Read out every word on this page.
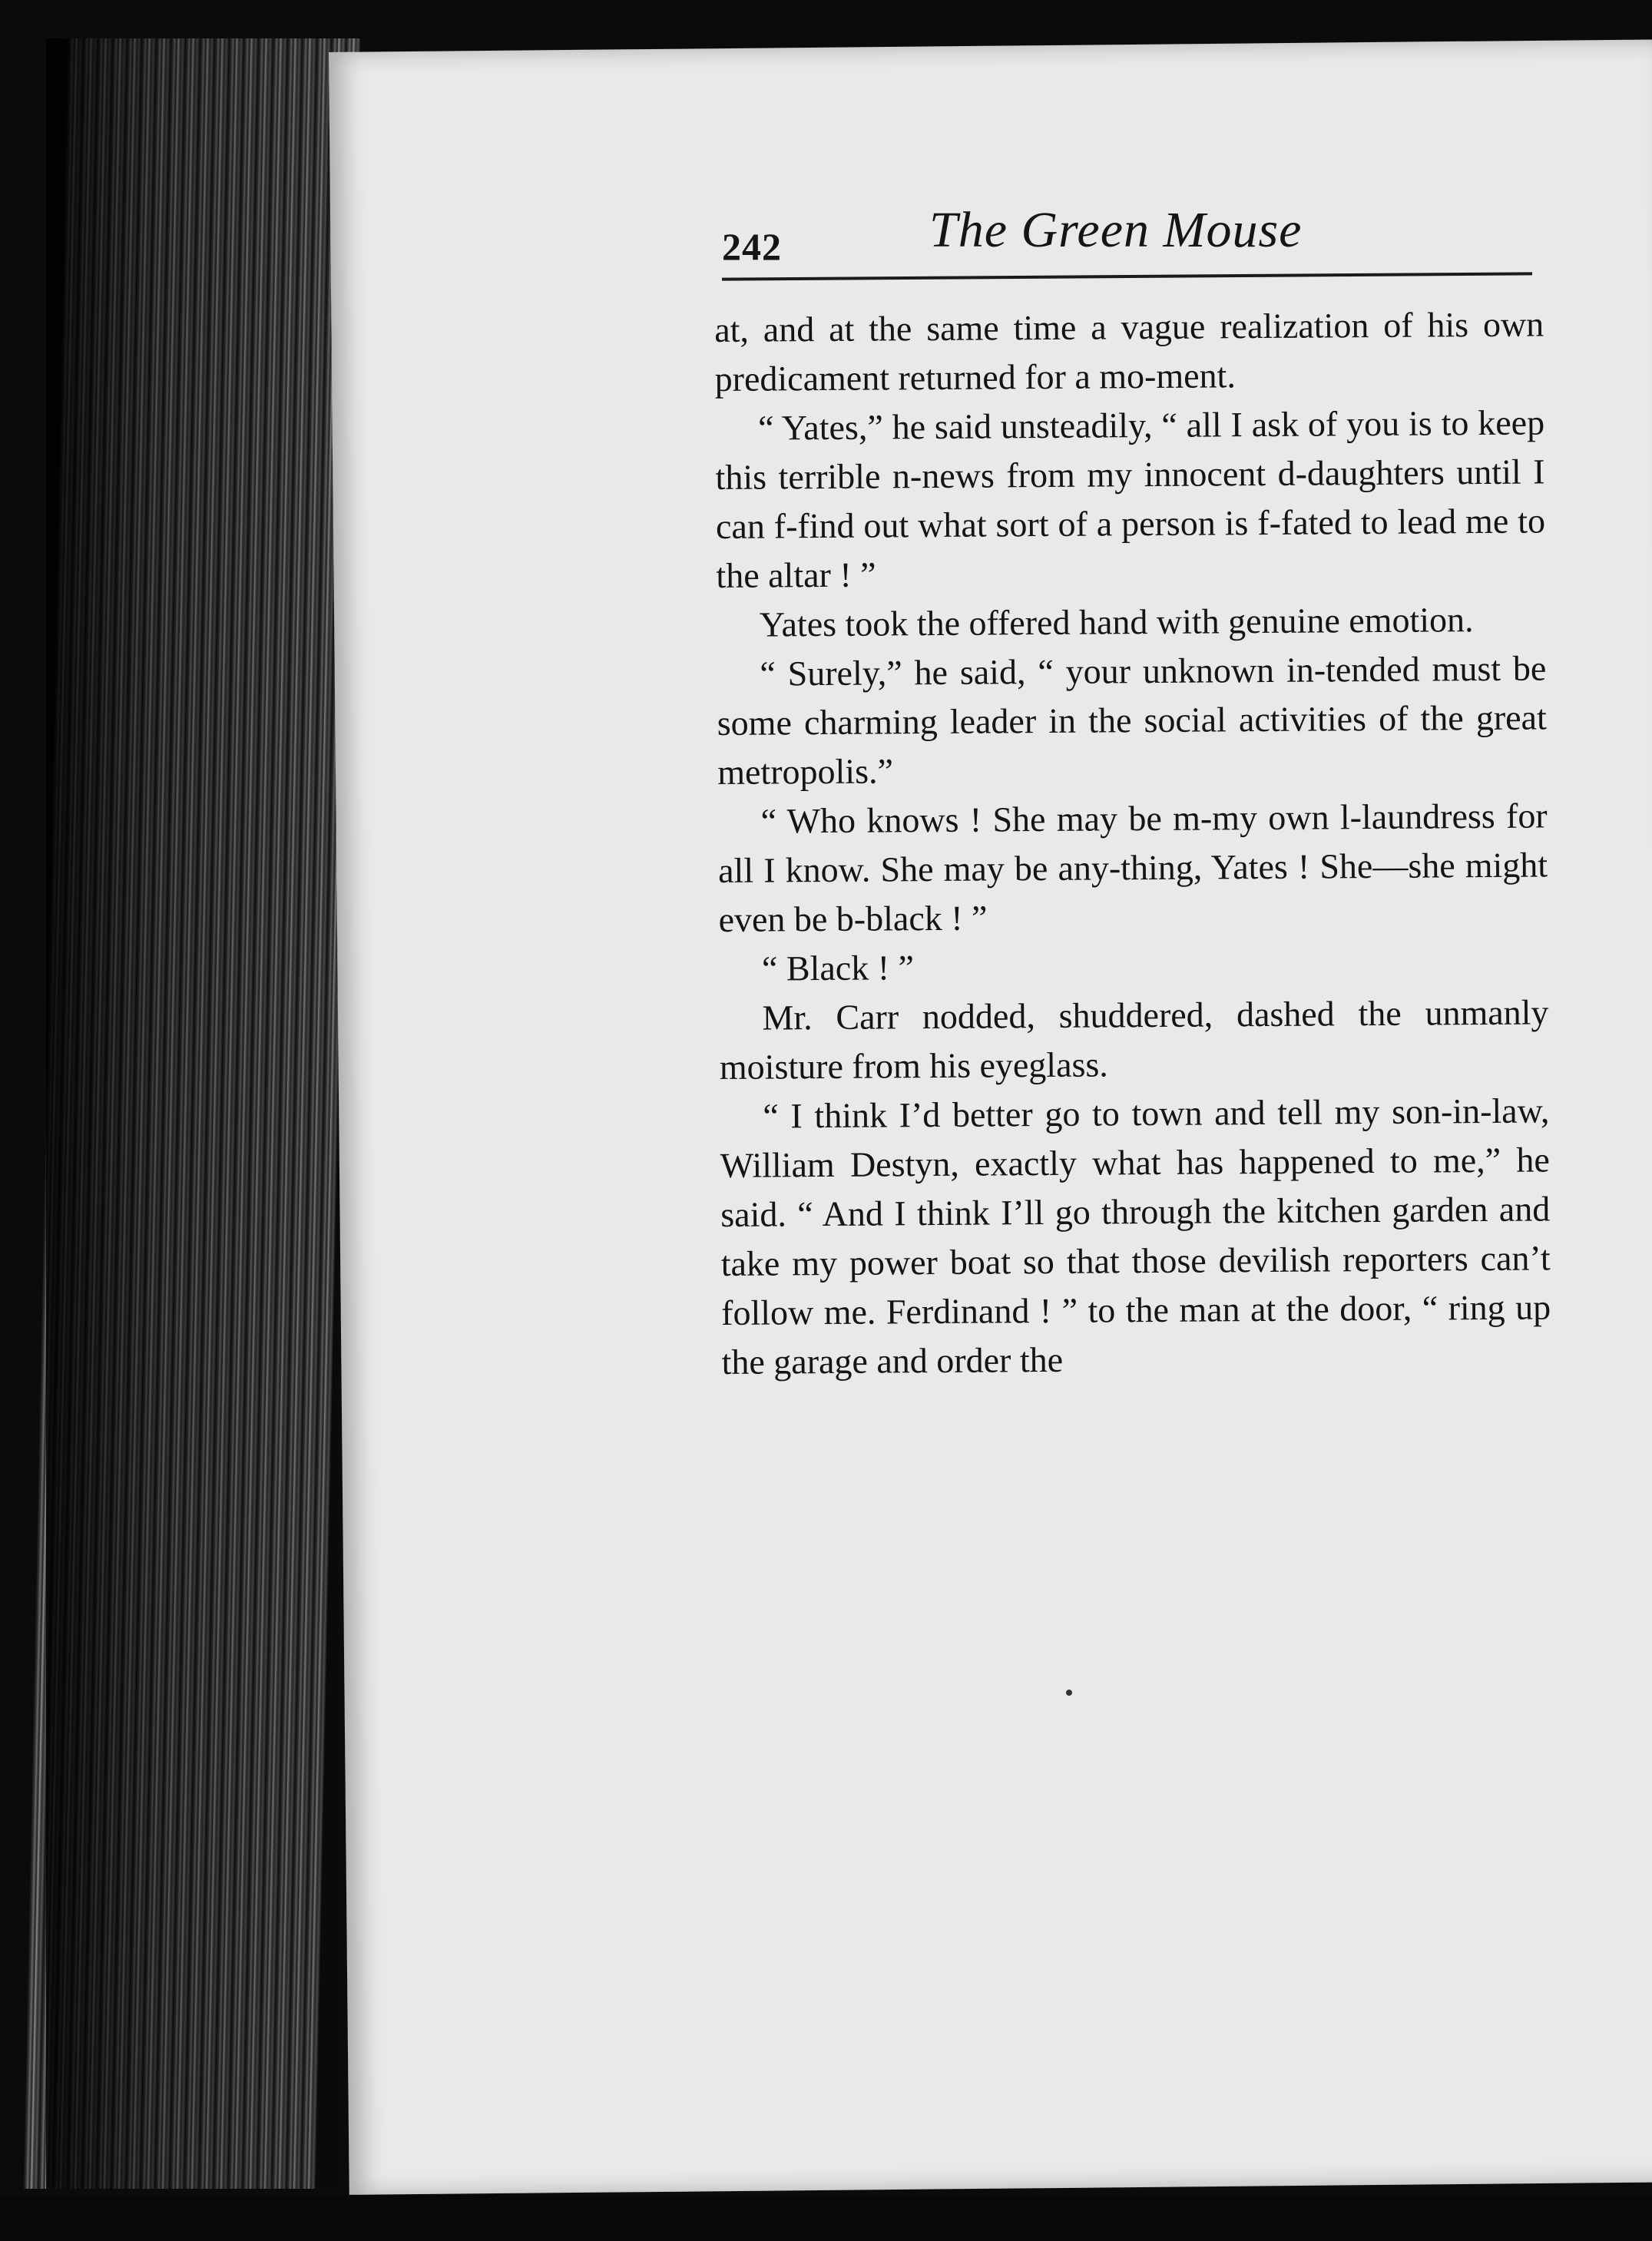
242	The Green Mouse

at, and at the same time a vague realization of his own predicament returned for a mo-ment.

“ Yates,” he said unsteadily, “ all I ask of you is to keep this terrible n-news from my innocent d-daughters until I can f-find out what sort of a person is f-fated to lead me to the altar ! ”

Yates took the offered hand with genuine emotion.

“ Surely,” he said, “ your unknown in-tended must be some charming leader in the social activities of the great metropolis.”

“ Who knows ! She may be m-my own l-laundress for all I know. She may be any-thing, Yates ! She—she might even be b-black ! ”

“ Black ! ”

Mr. Carr nodded, shuddered, dashed the unmanly moisture from his eyeglass.

“ I think I’d better go to town and tell my son-in-law, William Destyn, exactly what has happened to me,” he said. “ And I think I’ll go through the kitchen garden and take my power boat so that those devilish reporters can’t follow me. Ferdinand ! ” to the man at the door, “ ring up the garage and order the
